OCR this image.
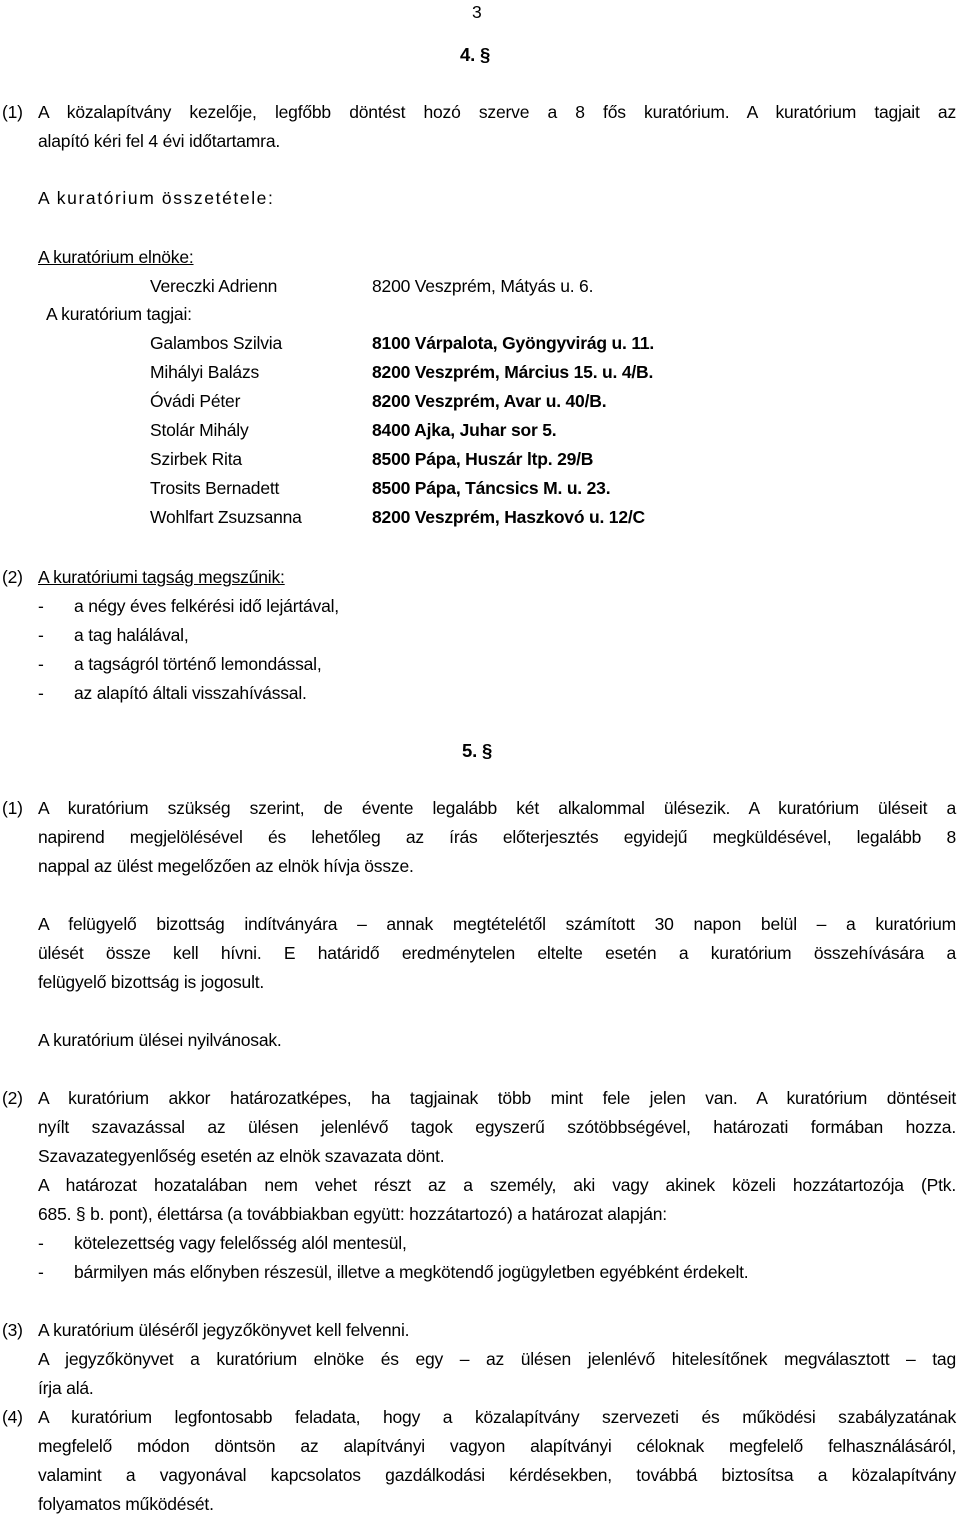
3
4. §
(1) A közalapítvány kezelője, legfőbb döntést hozó szerve a 8 fős kuratórium. A kuratórium tagjait az
alapító kéri fel 4 évi időtartamra.
A kuratórium összetétele:
A kuratórium elnöke:
Vereczki Adrienn	8200 Veszprém, Mátyás u. 6.
A kuratórium tagjai:
Galambos Szilvia	8100 Várpalota, Gyöngyvirág u. 11.
Mihályi Balázs	8200 Veszprém, Március 15. u. 4/B.
Óvádi Péter	8200 Veszprém, Avar u. 40/B.
Stolár Mihály	8400 Ajka, Juhar sor 5.
Szirbek Rita	8500 Pápa, Huszár ltp. 29/B
Trosits Bernadett	8500 Pápa, Táncsics M. u. 23.
Wohlfart Zsuzsanna	8200 Veszprém, Haszkovó u. 12/C
(2) A kuratóriumi tagság megszűnik:
- a négy éves felkérési idő lejártával,
- a tag halálával,
- a tagságról történő lemondással,
- az alapító általi visszahívással.
5. §
(1) A kuratórium szükség szerint, de évente legalább két alkalommal ülésezik. A kuratórium üléseit a
napirend megjelölésével és lehetőleg az írás előterjesztés egyidejű megküldésével, legalább 8
nappal az ülést megelőzően az elnök hívja össze.
A felügyelő bizottság indítványára – annak megtételétől számított 30 napon belül – a kuratórium
ülését össze kell hívni. E határidő eredménytelen eltelte esetén a kuratórium összehívására a
felügyelő bizottság is jogosult.
A kuratórium ülései nyilvánosak.
(2) A kuratórium akkor határozatképes, ha tagjainak több mint fele jelen van. A kuratórium döntéseit
nyílt szavazással az ülésen jelenlévő tagok egyszerű szótöbbségével, határozati formában hozza.
Szavazategyenlőség esetén az elnök szavazata dönt.
A határozat hozatalában nem vehet részt az a személy, aki vagy akinek közeli hozzátartozója (Ptk.
685. § b. pont), élettársa (a továbbiakban együtt: hozzátartozó) a határozat alapján:
- kötelezettség vagy felelősség alól mentesül,
- bármilyen más előnyben részesül, illetve a megkötendő jogügyletben egyébként érdekelt.
(3) A kuratórium üléséről jegyzőkönyvet kell felvenni.
A jegyzőkönyvet a kuratórium elnöke és egy – az ülésen jelenlévő hitelesítőnek megválasztott – tag
írja alá.
(4) A kuratórium legfontosabb feladata, hogy a közalapítvány szervezeti és működési szabályzatának
megfelelő módon döntsön az alapítványi vagyon alapítványi céloknak megfelelő felhasználásáról,
valamint a vagyonával kapcsolatos gazdálkodási kérdésekben, továbbá biztosítsa a közalapítvány
folyamatos működését.
